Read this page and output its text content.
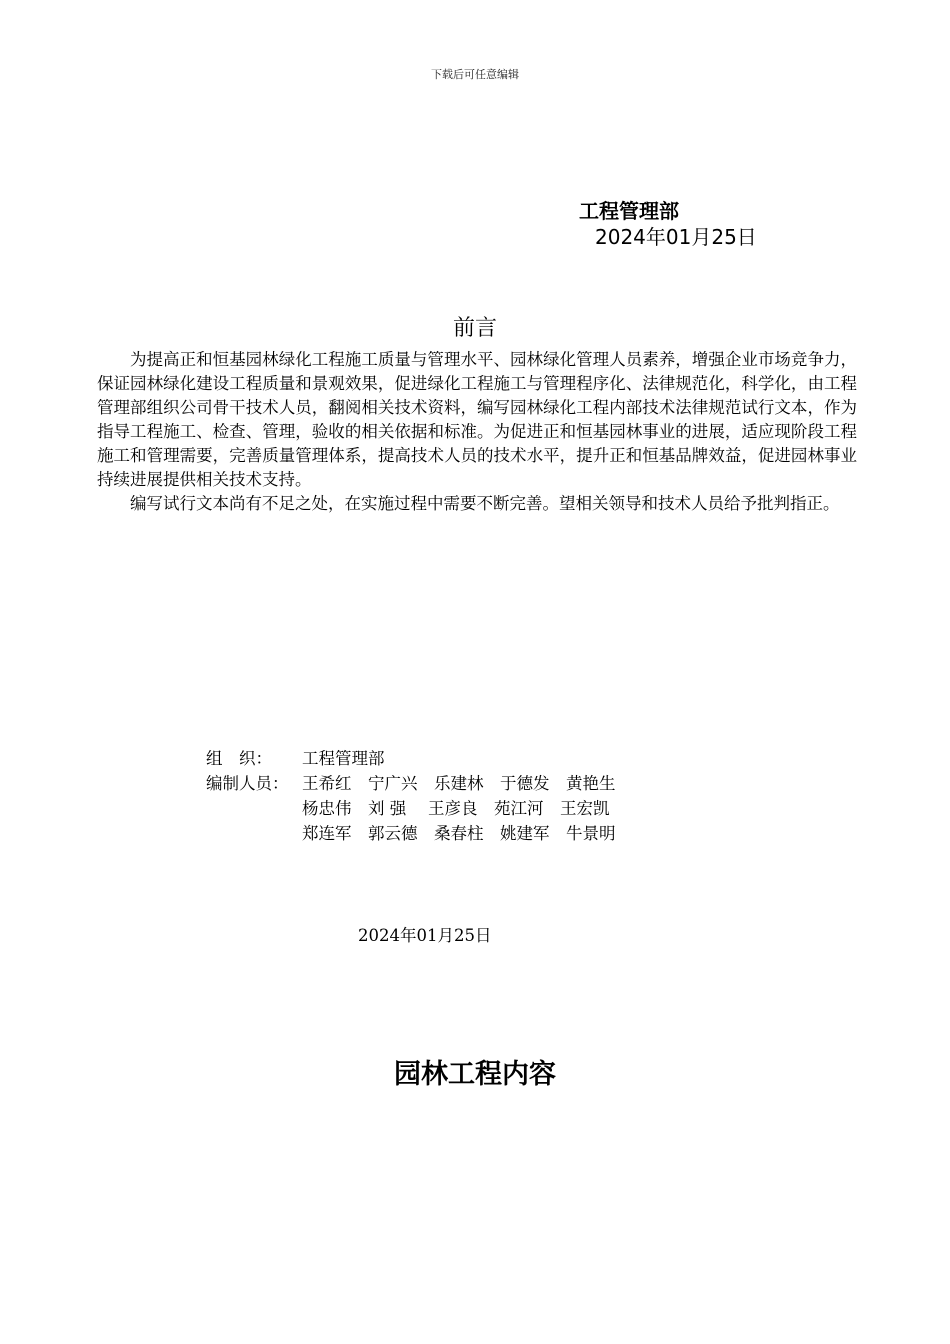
下载后可任意编辑
工程管理部
2024年01月25日
前言

为提高正和恒基园林绿化工程施工质量与管理水平、园林绿化管理人员素养，增强企业市场竞争力，保证园林绿化建设工程质量和景观效果，促进绿化工程施工与管理程序化、法律规范化，科学化，由工程管理部组织公司骨干技术人员，翻阅相关技术资料，编写园林绿化工程内部技术法律规范试行文本，作为指导工程施工、检查、管理，验收的相关依据和标准。为促进正和恒基园林事业的进展，适应现阶段工程施工和管理需要，完善质量管理体系，提高技术人员的技术水平，提升正和恒基品牌效益，促进园林事业持续进展提供相关技术支持。

编写试行文本尚有不足之处，在实施过程中需要不断完善。望相关领导和技术人员给予批判指正。

组　织： 工程管理部
编制人员： 王希红　宁广兴　乐建林　于德发　黄艳生
杨忠伟　刘 强　 王彦良　苑江河　王宏凯
郑连军　郭云德　桑春柱　姚建军　牛景明
2024年01月25日
园林工程内容
